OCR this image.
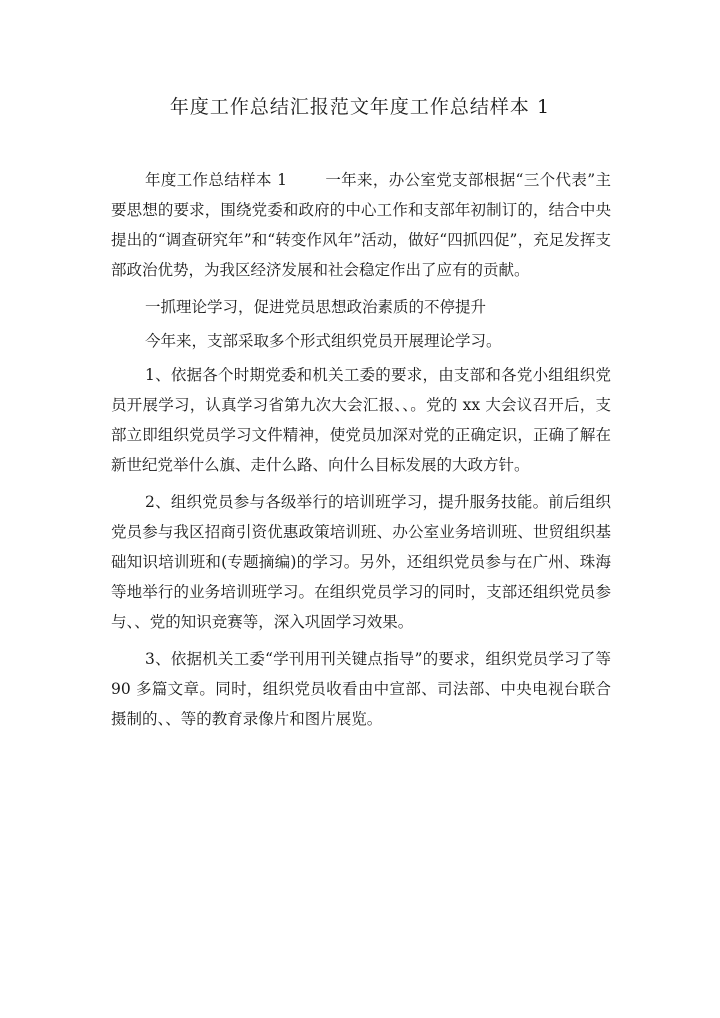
年度工作总结汇报范文年度工作总结样本 1

年度工作总结样本 1 一年来，办公室党支部根据“三个代表”主要思想的要求，围绕党委和政府的中心工作和支部年初制订的，结合中央提出的“调查研究年”和“转变作风年”活动，做好“四抓四促”，充足发挥支部政治优势，为我区经济发展和社会稳定作出了应有的贡献。

一抓理论学习，促进党员思想政治素质的不停提升

今年来，支部采取多个形式组织党员开展理论学习。

1、依据各个时期党委和机关工委的要求，由支部和各党小组组织党员开展学习，认真学习省第九次大会汇报、、。党的 xx 大会议召开后，支部立即组织党员学习文件精神，使党员加深对党的正确定识，正确了解在新世纪党举什么旗、走什么路、向什么目标发展的大政方针。

2、组织党员参与各级举行的培训班学习，提升服务技能。前后组织党员参与我区招商引资优惠政策培训班、办公室业务培训班、世贸组织基础知识培训班和(专题摘编)的学习。另外，还组织党员参与在广州、珠海等地举行的业务培训班学习。在组织党员学习的同时，支部还组织党员参与、、党的知识竞赛等，深入巩固学习效果。

3、依据机关工委“学刊用刊关键点指导”的要求，组织党员学习了等 90 多篇文章。同时，组织党员收看由中宣部、司法部、中央电视台联合摄制的、、等的教育录像片和图片展览。
